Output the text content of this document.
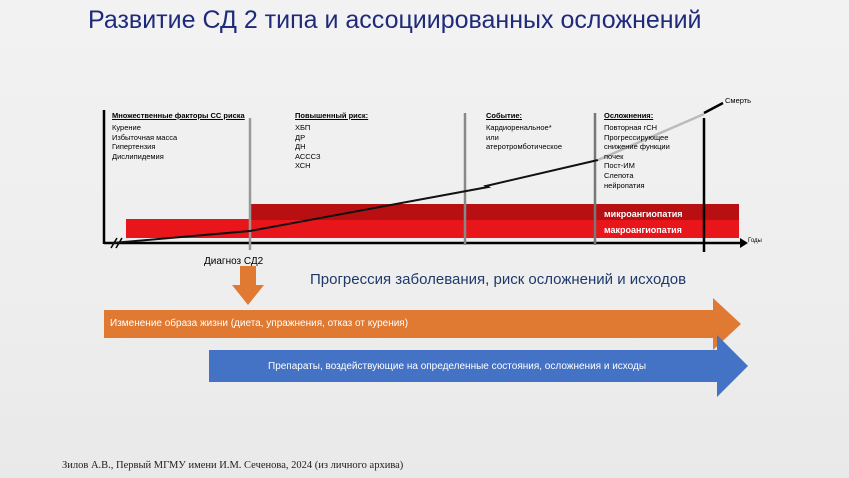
Развитие СД 2 типа и ассоциированных осложнений
Годы
Множественные факторы СС риска
Курение
Избыточная масса
Гипертензия
Дислипидемия
Повышенный риск:
ХБП
ДР
ДН
АСССЗ
ХСН
Событие:
Кардиоренальное*
или
атеротромботическое
Осложнения:
Повторная гСН
Прогрессирующее
снижение функции
почек
Пост-ИМ
Слепота
нейропатия
Смерть
микроангиопатия
макроангиопатия
Диагноз СД2
Прогрессия заболевания, риск осложнений и исходов
Изменение образа жизни (диета, упражнения, отказ от курения)
Препараты, воздействующие на определенные состояния, осложнения и исходы
Зилов А.В., Первый МГМУ имени И.М. Сеченова, 2024 (из личного архива)
